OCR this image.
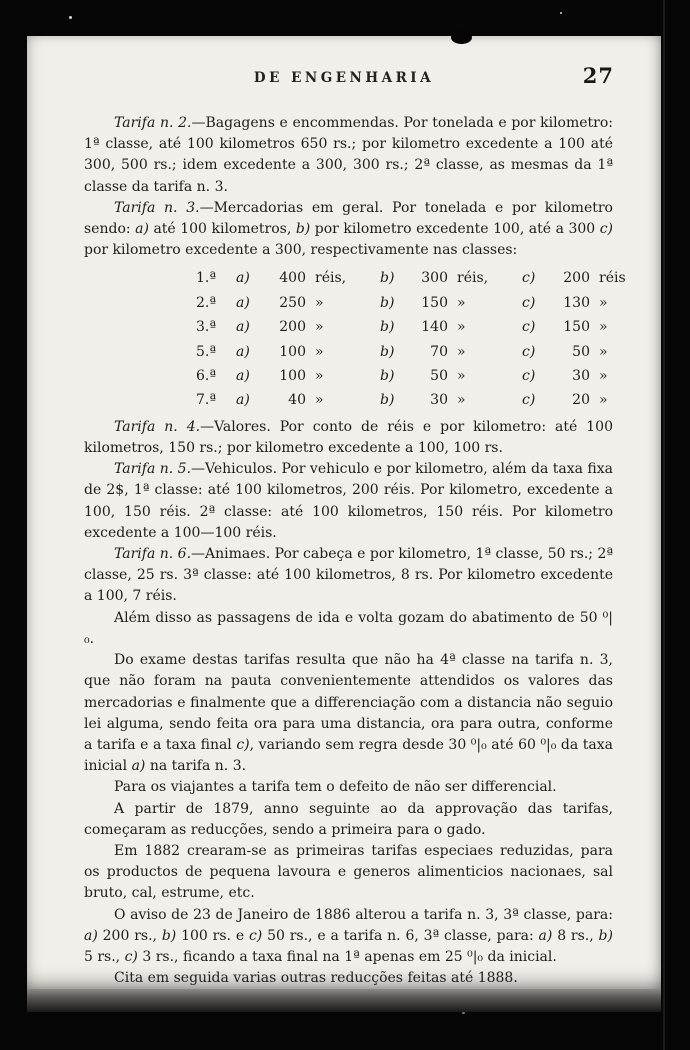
DE ENGENHARIA	27

Tarifa n. 2.—Bagagens e encommendas. Por tonelada e por kilometro: 1ª classe, até 100 kilometros 650 rs.; por kilometro excedente a 100 até 300, 500 rs.; idem excedente a 300, 300 rs.; 2ª classe, as mesmas da 1ª classe da tarifa n. 3.

Tarifa n. 3.—Mercadorias em geral. Por tonelada e por kilometro sendo: a) até 100 kilometros, b) por kilometro excedente 100, até a 300 c) por kilometro excedente a 300, respectivamente nas classes:

1.ª	a)	400 réis,	b)	300 réis,	c)	200 réis
2.ª	a)	250 »	b)	150 »	c)	130 »
3.ª	a)	200 »	b)	140 »	c)	150 »
5.ª	a)	100 »	b)	70 »	c)	50 »
6.ª	a)	100 »	b)	50 »	c)	30 »
7.ª	a)	40 »	b)	30 »	c)	20 »

Tarifa n. 4.—Valores. Por conto de réis e por kilometro: até 100 kilometros, 150 rs.; por kilometro excedente a 100, 100 rs.

Tarifa n. 5.—Vehiculos. Por vehiculo e por kilometro, além da taxa fixa de 2$, 1ª classe: até 100 kilometros, 200 réis. Por kilometro, excedente a 100, 150 réis. 2ª classe: até 100 kilometros, 150 réis. Por kilometro excedente a 100—100 réis.

Tarifa n. 6.—Animaes. Por cabeça e por kilometro, 1ª classe, 50 rs.; 2ª classe, 25 rs. 3ª classe: até 100 kilometros, 8 rs. Por kilometro excedente a 100, 7 réis.

Além disso as passagens de ida e volta gozam do abatimento de 50 ⁰|₀.

Do exame destas tarifas resulta que não ha 4ª classe na tarifa n. 3, que não foram na pauta convenientemente attendidos os valores das mercadorias e finalmente que a differenciação com a distancia não seguio lei alguma, sendo feita ora para uma distancia, ora para outra, conforme a tarifa e a taxa final c), variando sem regra desde 30 ⁰|₀ até 60 ⁰|₀ da taxa inicial a) na tarifa n. 3.

Para os viajantes a tarifa tem o defeito de não ser differencial.

A partir de 1879, anno seguinte ao da approvação das tarifas, começaram as reducções, sendo a primeira para o gado.

Em 1882 crearam-se as primeiras tarifas especiaes reduzidas, para os productos de pequena lavoura e generos alimenticios nacionaes, sal bruto, cal, estrume, etc.

O aviso de 23 de Janeiro de 1886 alterou a tarifa n. 3, 3ª classe, para: a) 200 rs., b) 100 rs. e c) 50 rs., e a tarifa n. 6, 3ª classe, para: a) 8 rs., b) 5 rs., c) 3 rs., ficando a taxa final na 1ª apenas em 25 ⁰|₀ da inicial.

Cita em seguida varias outras reducções feitas até 1888.
